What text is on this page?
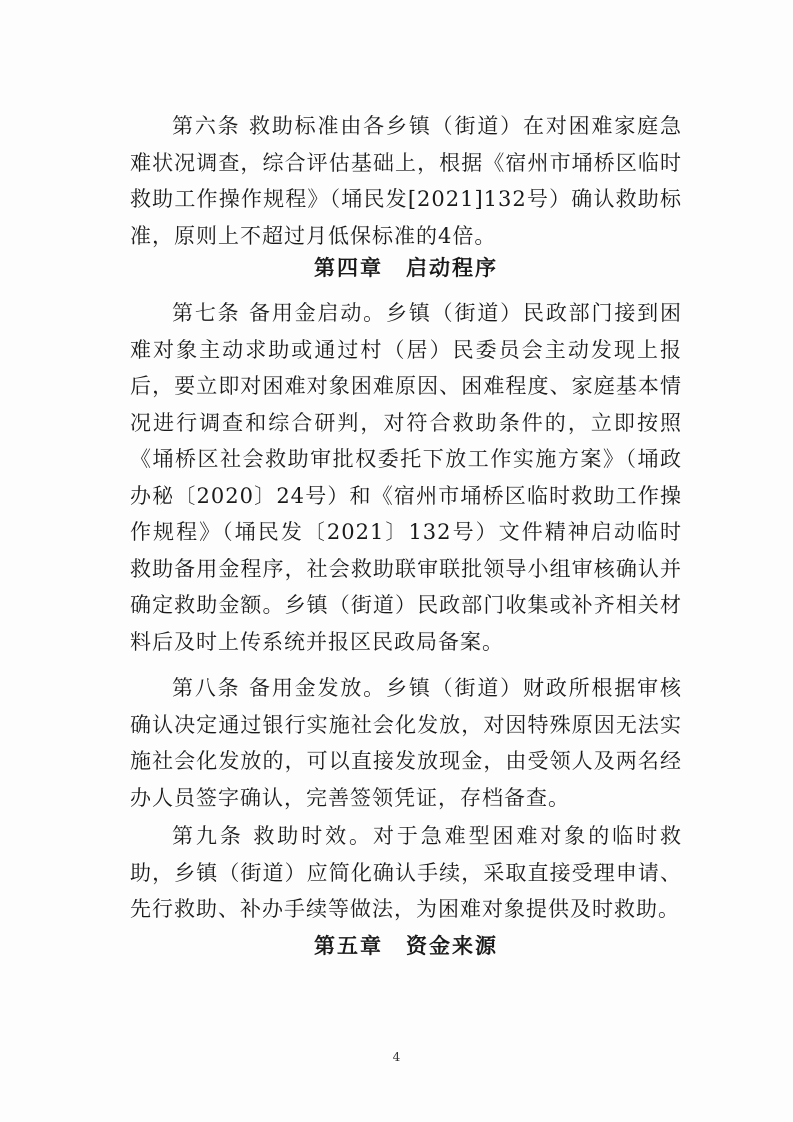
第六条 救助标准由各乡镇（街道）在对困难家庭急难状况调查，综合评估基础上，根据《宿州市埇桥区临时救助工作操作规程》（埇民发[2021]132号）确认救助标准，原则上不超过月低保标准的4倍。

第四章　启动程序

第七条 备用金启动。乡镇（街道）民政部门接到困难对象主动求助或通过村（居）民委员会主动发现上报后，要立即对困难对象困难原因、困难程度、家庭基本情况进行调查和综合研判，对符合救助条件的，立即按照《埇桥区社会救助审批权委托下放工作实施方案》（埇政办秘〔2020〕24号）和《宿州市埇桥区临时救助工作操作规程》（埇民发〔2021〕132号）文件精神启动临时救助备用金程序，社会救助联审联批领导小组审核确认并确定救助金额。乡镇（街道）民政部门收集或补齐相关材料后及时上传系统并报区民政局备案。

第八条 备用金发放。乡镇（街道）财政所根据审核确认决定通过银行实施社会化发放，对因特殊原因无法实施社会化发放的，可以直接发放现金，由受领人及两名经办人员签字确认，完善签领凭证，存档备查。

第九条 救助时效。对于急难型困难对象的临时救助，乡镇（街道）应简化确认手续，采取直接受理申请、先行救助、补办手续等做法，为困难对象提供及时救助。

第五章　资金来源
4
